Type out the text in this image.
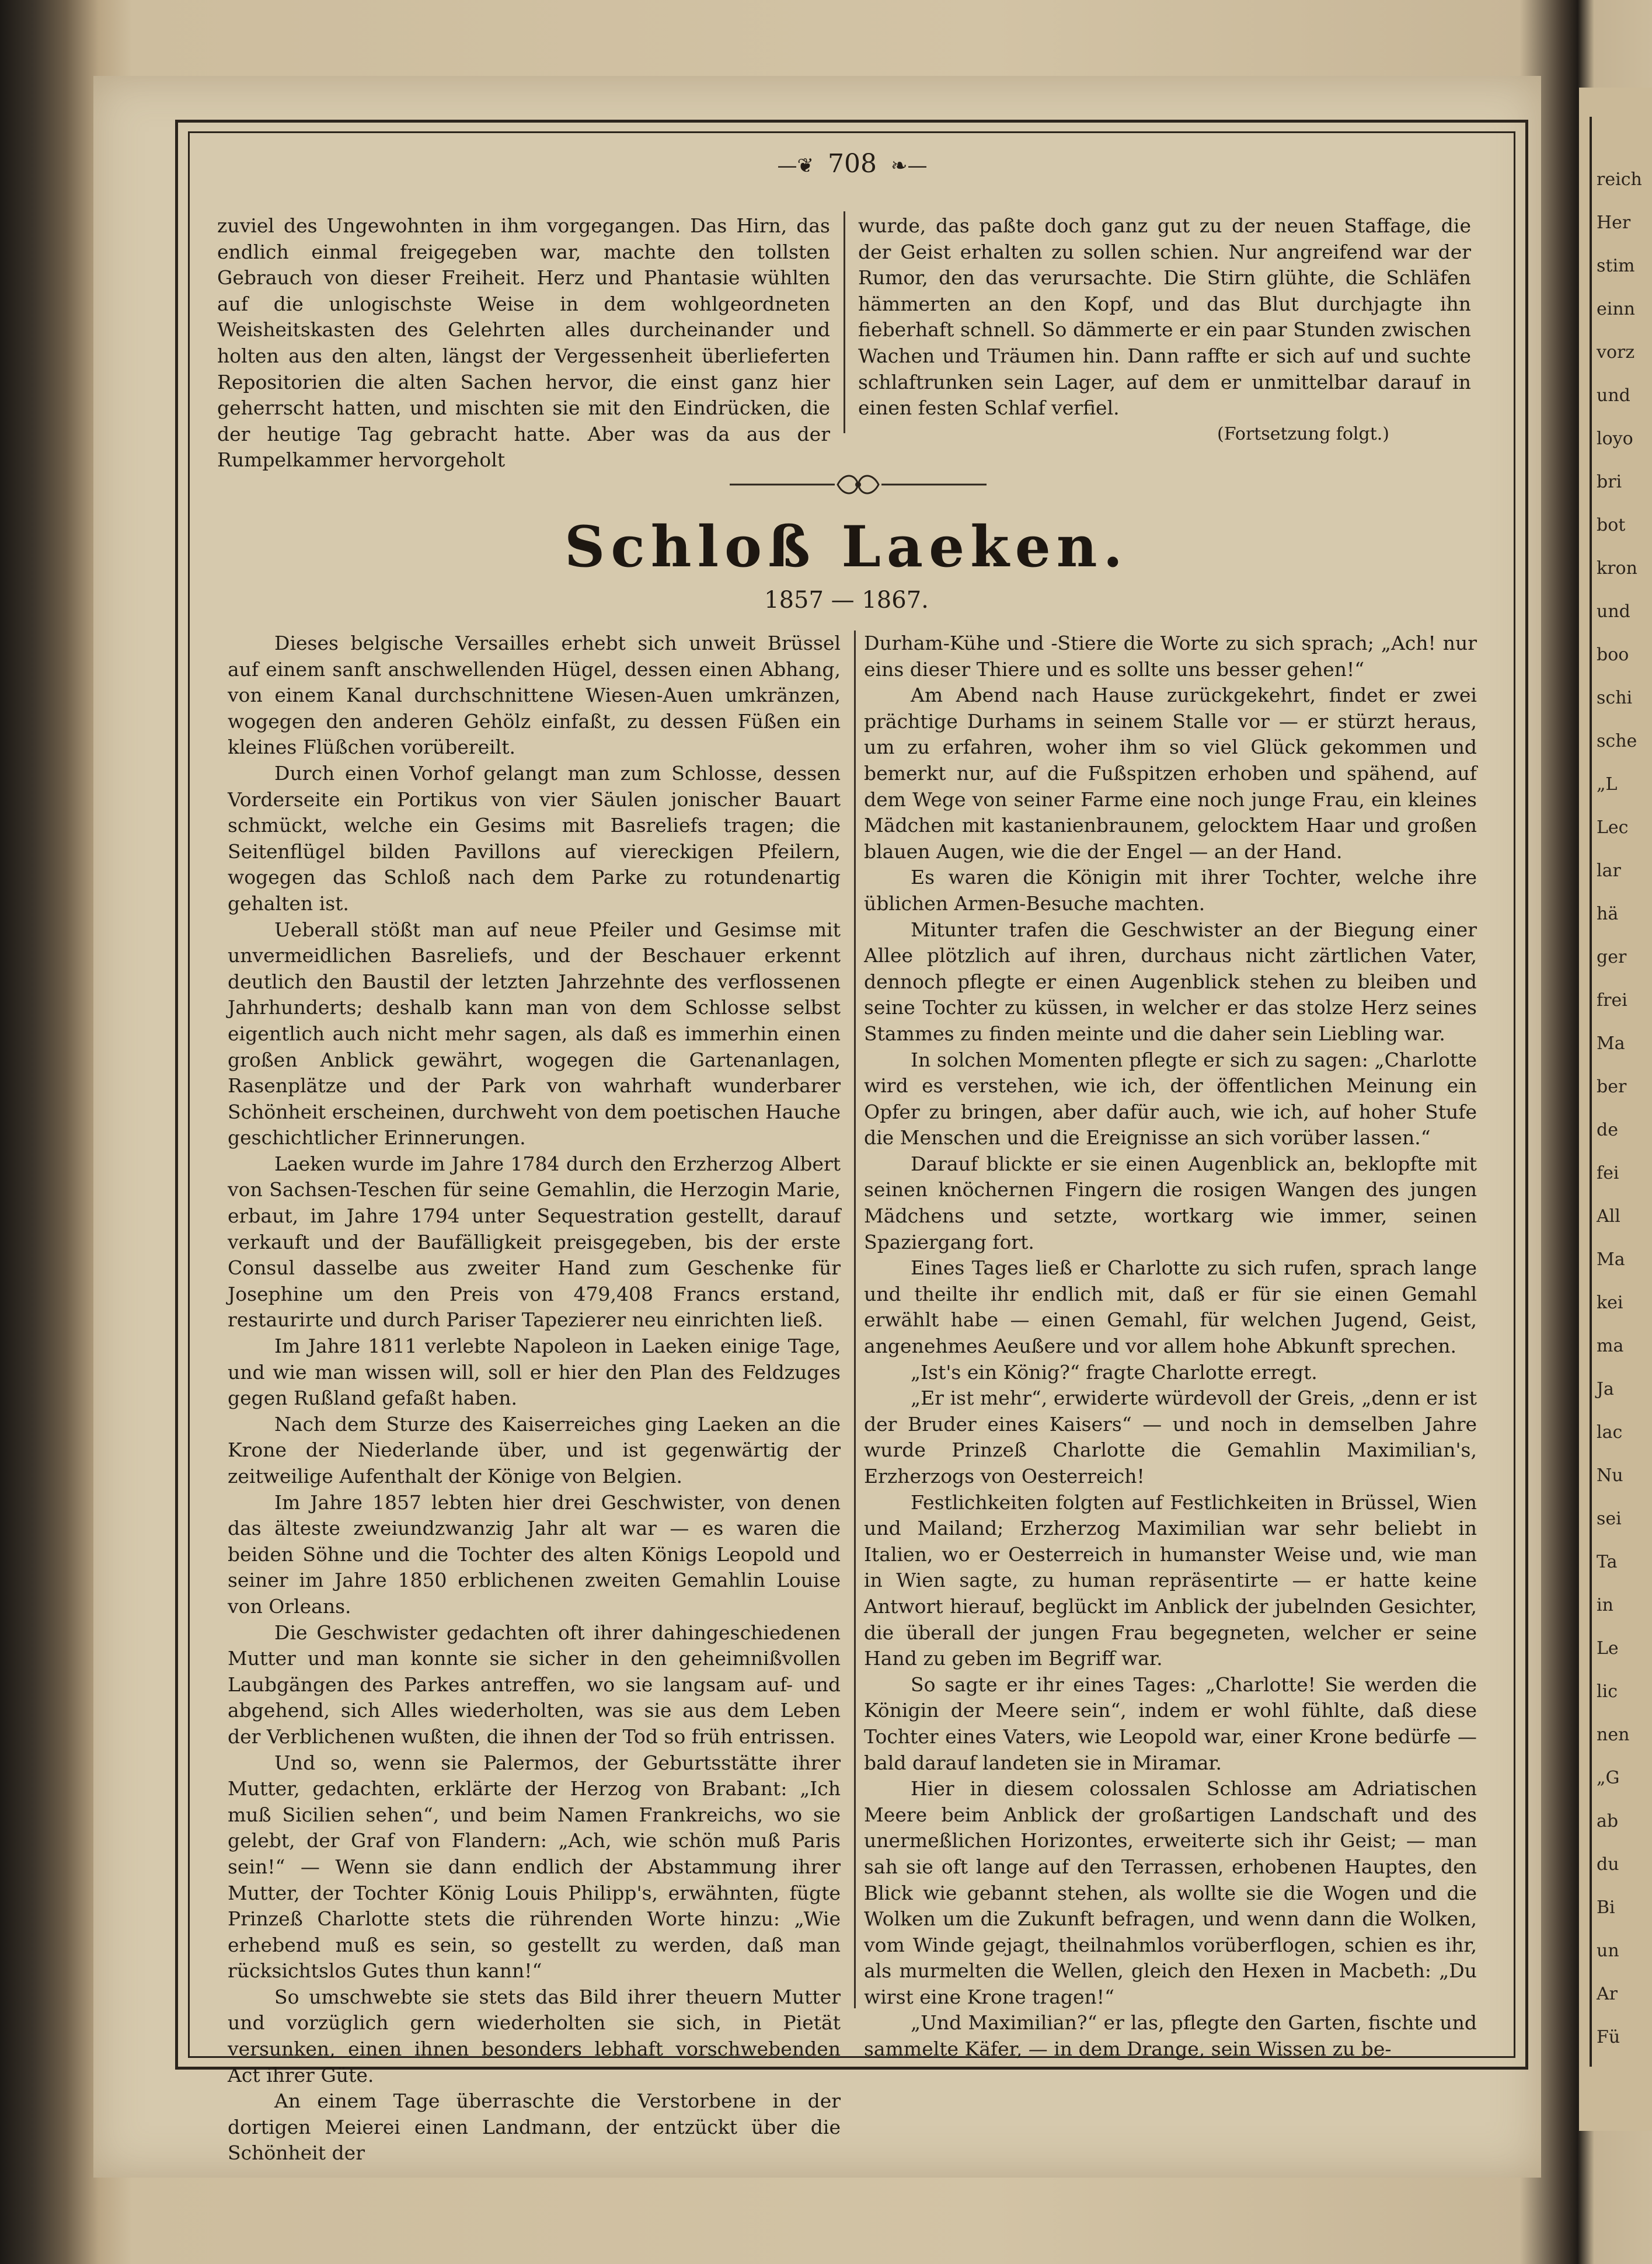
—❦ 708 ❧—

zuviel des Ungewohnten in ihm vorgegangen. Das Hirn, das endlich einmal freigegeben war, machte den tollsten Gebrauch von dieser Freiheit. Herz und Phantasie wühlten auf die unlogischste Weise in dem wohlgeordneten Weisheitskasten des Gelehrten alles durcheinander und holten aus den alten, längst der Vergessenheit überlieferten Repositorien die alten Sachen hervor, die einst ganz hier geherrscht hatten, und mischten sie mit den Eindrücken, die der heutige Tag gebracht hatte. Aber was da aus der Rumpelkammer hervorgeholt

wurde, das paßte doch ganz gut zu der neuen Staffage, die der Geist erhalten zu sollen schien. Nur angreifend war der Rumor, den das verursachte. Die Stirn glühte, die Schläfen hämmerten an den Kopf, und das Blut durchjagte ihn fieberhaft schnell. So dämmerte er ein paar Stunden zwischen Wachen und Träumen hin. Dann raffte er sich auf und suchte schlaftrunken sein Lager, auf dem er unmittelbar darauf in einen festen Schlaf verfiel.

(Fortsetzung folgt.)

Schloß Laeken.
1857 — 1867.

Dieses belgische Versailles erhebt sich unweit Brüssel auf einem sanft anschwellenden Hügel, dessen einen Abhang, von einem Kanal durchschnittene Wiesen-Auen umkränzen, wogegen den anderen Gehölz einfaßt, zu dessen Füßen ein kleines Flüßchen vorübereilt.

Durch einen Vorhof gelangt man zum Schlosse, dessen Vorderseite ein Portikus von vier Säulen jonischer Bauart schmückt, welche ein Gesims mit Basreliefs tragen; die Seitenflügel bilden Pavillons auf viereckigen Pfeilern, wogegen das Schloß nach dem Parke zu rotundenartig gehalten ist.

Ueberall stößt man auf neue Pfeiler und Gesimse mit unvermeidlichen Basreliefs, und der Beschauer erkennt deutlich den Baustil der letzten Jahrzehnte des verflossenen Jahrhunderts; deshalb kann man von dem Schlosse selbst eigentlich auch nicht mehr sagen, als daß es immerhin einen großen Anblick gewährt, wogegen die Gartenanlagen, Rasenplätze und der Park von wahrhaft wunderbarer Schönheit erscheinen, durchweht von dem poetischen Hauche geschichtlicher Erinnerungen.

Laeken wurde im Jahre 1784 durch den Erzherzog Albert von Sachsen-Teschen für seine Gemahlin, die Herzogin Marie, erbaut, im Jahre 1794 unter Sequestration gestellt, darauf verkauft und der Baufälligkeit preisgegeben, bis der erste Consul dasselbe aus zweiter Hand zum Geschenke für Josephine um den Preis von 479,408 Francs erstand, restaurirte und durch Pariser Tapezierer neu einrichten ließ.

Im Jahre 1811 verlebte Napoleon in Laeken einige Tage, und wie man wissen will, soll er hier den Plan des Feldzuges gegen Rußland gefaßt haben.

Nach dem Sturze des Kaiserreiches ging Laeken an die Krone der Niederlande über, und ist gegenwärtig der zeitweilige Aufenthalt der Könige von Belgien.

Im Jahre 1857 lebten hier drei Geschwister, von denen das älteste zweiundzwanzig Jahr alt war — es waren die beiden Söhne und die Tochter des alten Königs Leopold und seiner im Jahre 1850 erblichenen zweiten Gemahlin Louise von Orleans.

Die Geschwister gedachten oft ihrer dahingeschiedenen Mutter und man konnte sie sicher in den geheimnißvollen Laubgängen des Parkes antreffen, wo sie langsam auf- und abgehend, sich Alles wiederholten, was sie aus dem Leben der Verblichenen wußten, die ihnen der Tod so früh entrissen.

Und so, wenn sie Palermos, der Geburtsstätte ihrer Mutter, gedachten, erklärte der Herzog von Brabant: „Ich muß Sicilien sehen“, und beim Namen Frankreichs, wo sie gelebt, der Graf von Flandern: „Ach, wie schön muß Paris sein!“ — Wenn sie dann endlich der Abstammung ihrer Mutter, der Tochter König Louis Philipp's, erwähnten, fügte Prinzeß Charlotte stets die rührenden Worte hinzu: „Wie erhebend muß es sein, so gestellt zu werden, daß man rücksichtslos Gutes thun kann!“

So umschwebte sie stets das Bild ihrer theuern Mutter und vorzüglich gern wiederholten sie sich, in Pietät versunken, einen ihnen besonders lebhaft vorschwebenden Act ihrer Güte.

An einem Tage überraschte die Verstorbene in der dortigen Meierei einen Landmann, der entzückt über die Schönheit der

Durham-Kühe und -Stiere die Worte zu sich sprach; „Ach! nur eins dieser Thiere und es sollte uns besser gehen!“

Am Abend nach Hause zurückgekehrt, findet er zwei prächtige Durhams in seinem Stalle vor — er stürzt heraus, um zu erfahren, woher ihm so viel Glück gekommen und bemerkt nur, auf die Fußspitzen erhoben und spähend, auf dem Wege von seiner Farme eine noch junge Frau, ein kleines Mädchen mit kastanienbraunem, gelocktem Haar und großen blauen Augen, wie die der Engel — an der Hand.

Es waren die Königin mit ihrer Tochter, welche ihre üblichen Armen-Besuche machten.

Mitunter trafen die Geschwister an der Biegung einer Allee plötzlich auf ihren, durchaus nicht zärtlichen Vater, dennoch pflegte er einen Augenblick stehen zu bleiben und seine Tochter zu küssen, in welcher er das stolze Herz seines Stammes zu finden meinte und die daher sein Liebling war.

In solchen Momenten pflegte er sich zu sagen: „Charlotte wird es verstehen, wie ich, der öffentlichen Meinung ein Opfer zu bringen, aber dafür auch, wie ich, auf hoher Stufe die Menschen und die Ereignisse an sich vorüber lassen.“

Darauf blickte er sie einen Augenblick an, beklopfte mit seinen knöchernen Fingern die rosigen Wangen des jungen Mädchens und setzte, wortkarg wie immer, seinen Spaziergang fort.

Eines Tages ließ er Charlotte zu sich rufen, sprach lange und theilte ihr endlich mit, daß er für sie einen Gemahl erwählt habe — einen Gemahl, für welchen Jugend, Geist, angenehmes Aeußere und vor allem hohe Abkunft sprechen.

„Ist's ein König?“ fragte Charlotte erregt.

„Er ist mehr“, erwiderte würdevoll der Greis, „denn er ist der Bruder eines Kaisers“ — und noch in demselben Jahre wurde Prinzeß Charlotte die Gemahlin Maximilian's, Erzherzogs von Oesterreich!

Festlichkeiten folgten auf Festlichkeiten in Brüssel, Wien und Mailand; Erzherzog Maximilian war sehr beliebt in Italien, wo er Oesterreich in humanster Weise und, wie man in Wien sagte, zu human repräsentirte — er hatte keine Antwort hierauf, beglückt im Anblick der jubelnden Gesichter, die überall der jungen Frau begegneten, welcher er seine Hand zu geben im Begriff war.

So sagte er ihr eines Tages: „Charlotte! Sie werden die Königin der Meere sein“, indem er wohl fühlte, daß diese Tochter eines Vaters, wie Leopold war, einer Krone bedürfe — bald darauf landeten sie in Miramar.

Hier in diesem colossalen Schlosse am Adriatischen Meere beim Anblick der großartigen Landschaft und des unermeßlichen Horizontes, erweiterte sich ihr Geist; — man sah sie oft lange auf den Terrassen, erhobenen Hauptes, den Blick wie gebannt stehen, als wollte sie die Wogen und die Wolken um die Zukunft befragen, und wenn dann die Wolken, vom Winde gejagt, theilnahmlos vorüberflogen, schien es ihr, als murmelten die Wellen, gleich den Hexen in Macbeth: „Du wirst eine Krone tragen!“

„Und Maximilian?“ er las, pflegte den Garten, fischte und sammelte Käfer, — in dem Drange, sein Wissen zu be-

reich
Her
stim
einn
vorz
und
loyo
bri
bot
kron
und
boo
schi
sche
„L
Lec
lar
hä
ger
frei
Ma
ber
de
fei
All
Ma
kei
ma
Ja
lac
Nu
sei
Ta
in
Le
lic
nen
„G
ab
du
Bi
un
Ar
Fü
